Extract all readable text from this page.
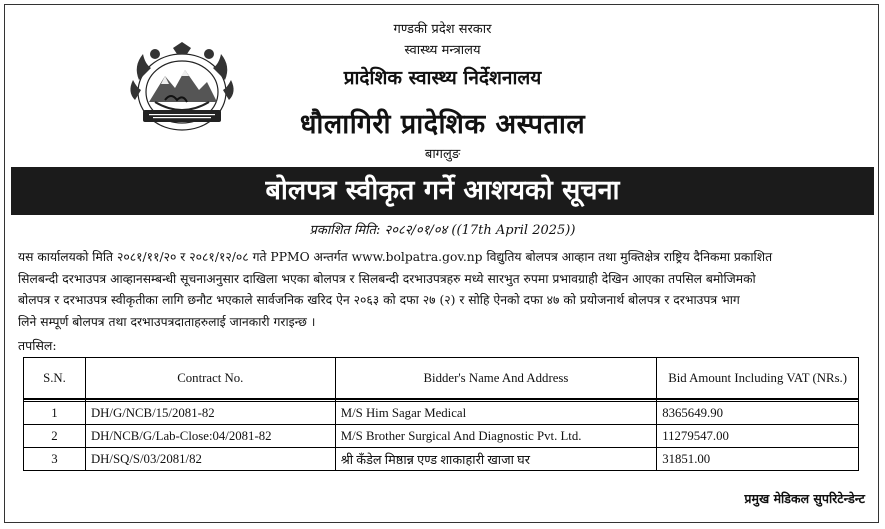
गण्डकी प्रदेश सरकार
स्वास्थ्य मन्त्रालय
प्रादेशिक स्वास्थ्य निर्देशनालय
धौलागिरी प्रादेशिक अस्पताल
बागलुङ
बोलपत्र स्वीकृत गर्ने आशयको सूचना
प्रकाशित मिति: २०८२/०१/०४ ((17th April 2025))
यस कार्यालयको मिति २०८१/११/२० र २०८१/१२/०८ गते PPMO अन्तर्गत www.bolpatra.gov.np विद्युतिय बोलपत्र आव्हान तथा मुक्तिक्षेत्र राष्ट्रिय दैनिकमा प्रकाशित
सिलबन्दी दरभाउपत्र आव्हानसम्बन्धी सूचनाअनुसार दाखिला भएका बोलपत्र र सिलबन्दी दरभाउपत्रहरु मध्ये सारभुत रुपमा प्रभावग्राही देखिन आएका तपसिल बमोजिमको
बोलपत्र र दरभाउपत्र स्वीकृतीका लागि छनौट भएकाले सार्वजनिक खरिद ऐन २०६३ को दफा २७ (२) र सोहि ऐनको दफा ४७ को प्रयोजनार्थ बोलपत्र र दरभाउपत्र भाग
लिने सम्पूर्ण बोलपत्र तथा दरभाउपत्रदाताहरुलाई जानकारी गराइन्छ ।
तपसिल:
S.N.	Contract No.	Bidder's Name And Address	Bid Amount Including VAT (NRs.)

1	DH/G/NCB/15/2081-82	M/S Him Sagar Medical	8365649.90
2	DH/NCB/G/Lab-Close:04/2081-82	M/S Brother Surgical And Diagnostic Pvt. Ltd.	11279547.00
3	DH/SQ/S/03/2081/82	श्री कँडेल मिष्ठान्न एण्ड शाकाहारी खाजा घर	31851.00
प्रमुख मेडिकल सुपरिटेन्डेन्ट
